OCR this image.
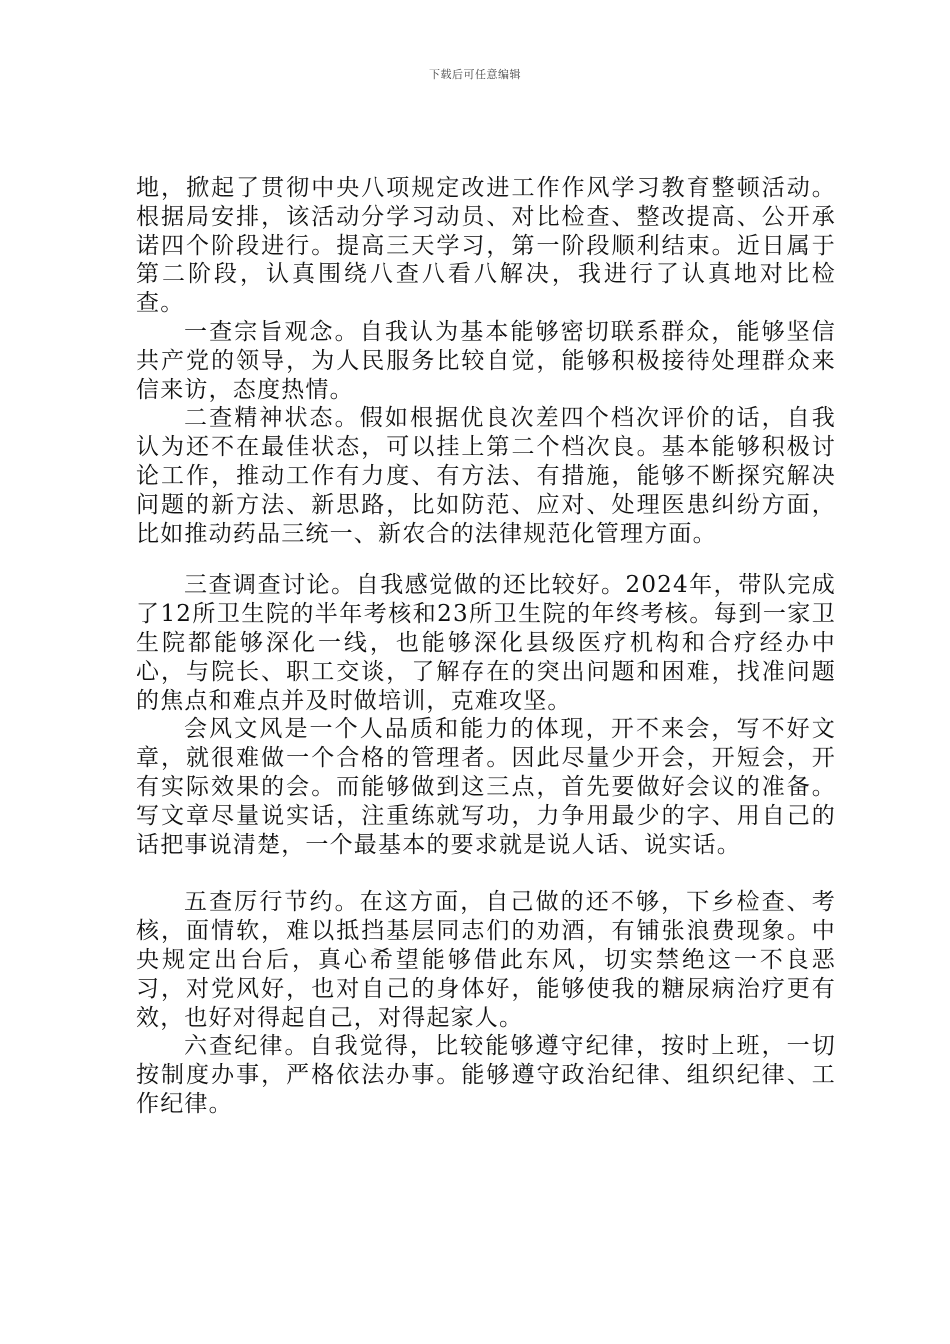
下载后可任意编辑

地，掀起了贯彻中央八项规定改进工作作风学习教育整顿活动。根据局安排，该活动分学习动员、对比检查、整改提高、公开承诺四个阶段进行。提高三天学习，第一阶段顺利结束。近日属于第二阶段，认真围绕八查八看八解决，我进行了认真地对比检查。

一查宗旨观念。自我认为基本能够密切联系群众，能够坚信共产党的领导，为人民服务比较自觉，能够积极接待处理群众来信来访，态度热情。

二查精神状态。假如根据优良次差四个档次评价的话，自我认为还不在最佳状态，可以挂上第二个档次良。基本能够积极讨论工作，推动工作有力度、有方法、有措施，能够不断探究解决问题的新方法、新思路，比如防范、应对、处理医患纠纷方面，比如推动药品三统一、新农合的法律规范化管理方面。

三查调查讨论。自我感觉做的还比较好。2024年，带队完成了12所卫生院的半年考核和23所卫生院的年终考核。每到一家卫生院都能够深化一线，也能够深化县级医疗机构和合疗经办中心，与院长、职工交谈，了解存在的突出问题和困难，找准问题的焦点和难点并及时做培训，克难攻坚。

会风文风是一个人品质和能力的体现，开不来会，写不好文章，就很难做一个合格的管理者。因此尽量少开会，开短会，开有实际效果的会。而能够做到这三点，首先要做好会议的准备。写文章尽量说实话，注重练就写功，力争用最少的字、用自己的话把事说清楚，一个最基本的要求就是说人话、说实话。

五查厉行节约。在这方面，自己做的还不够，下乡检查、考核，面情软，难以抵挡基层同志们的劝酒，有铺张浪费现象。中央规定出台后，真心希望能够借此东风，切实禁绝这一不良恶习，对党风好，也对自己的身体好，能够使我的糖尿病治疗更有效，也好对得起自己，对得起家人。

六查纪律。自我觉得，比较能够遵守纪律，按时上班，一切按制度办事，严格依法办事。能够遵守政治纪律、组织纪律、工作纪律。
